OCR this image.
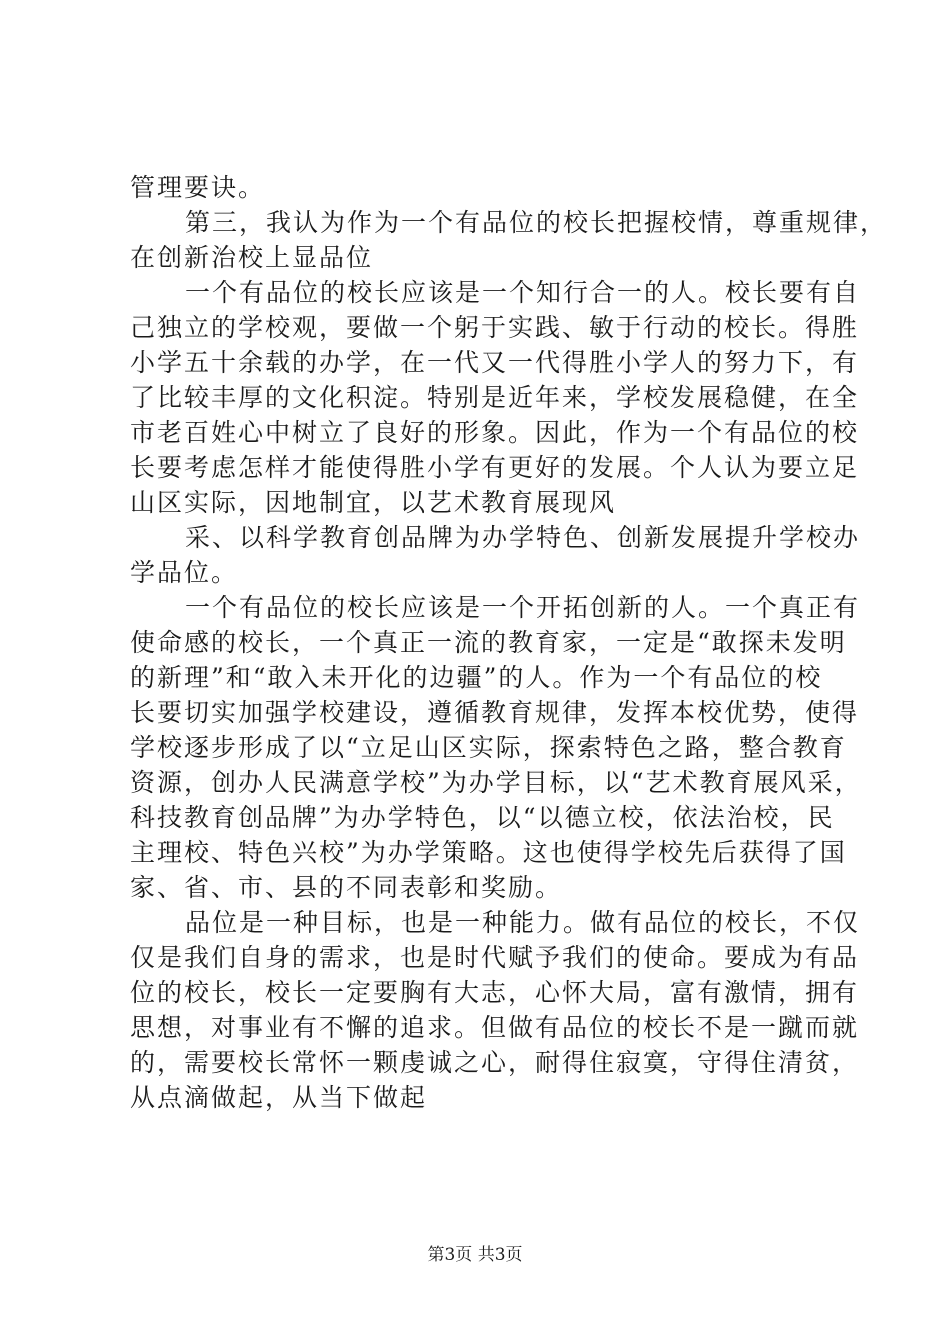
管理要诀。
第三，我认为作为一个有品位的校长把握校情，尊重规律，
在创新治校上显品位
一个有品位的校长应该是一个知行合一的人。校长要有自
己独立的学校观，要做一个躬于实践、敏于行动的校长。得胜
小学五十余载的办学，在一代又一代得胜小学人的努力下，有
了比较丰厚的文化积淀。特别是近年来，学校发展稳健，在全
市老百姓心中树立了良好的形象。因此，作为一个有品位的校
长要考虑怎样才能使得胜小学有更好的发展。个人认为要立足
山区实际，因地制宜，以艺术教育展现风
采、以科学教育创品牌为办学特色、创新发展提升学校办
学品位。
一个有品位的校长应该是一个开拓创新的人。一个真正有
使命感的校长，一个真正一流的教育家，一定是“敢探未发明
的新理”和“敢入未开化的边疆”的人。作为一个有品位的校
长要切实加强学校建设，遵循教育规律，发挥本校优势，使得
学校逐步形成了以“立足山区实际，探索特色之路，整合教育
资源，创办人民满意学校”为办学目标，以“艺术教育展风采，
科技教育创品牌”为办学特色，以“以德立校，依法治校，民
主理校、特色兴校”为办学策略。这也使得学校先后获得了国
家、省、市、县的不同表彰和奖励。
品位是一种目标，也是一种能力。做有品位的校长，不仅
仅是我们自身的需求，也是时代赋予我们的使命。要成为有品
位的校长，校长一定要胸有大志，心怀大局，富有激情，拥有
思想，对事业有不懈的追求。但做有品位的校长不是一蹴而就
的，需要校长常怀一颗虔诚之心，耐得住寂寞，守得住清贫，
从点滴做起，从当下做起
第3页 共3页
